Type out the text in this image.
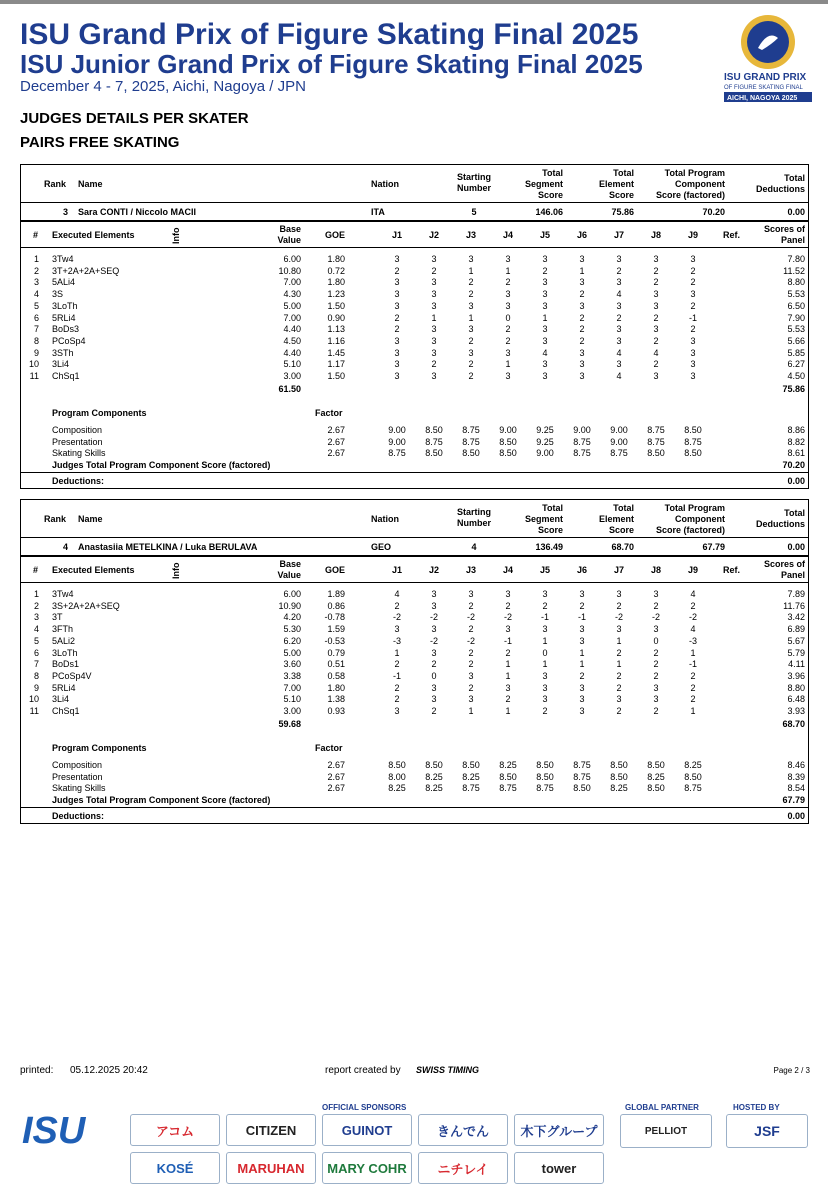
ISU Grand Prix of Figure Skating Final 2025
ISU Junior Grand Prix of Figure Skating Final 2025
December 4 - 7, 2025, Aichi, Nagoya / JPN
ISU GRAND PRIX
OF FIGURE SKATING FINAL
AICHI, NAGOYA 2025
JUDGES DETAILS PER SKATER
PAIRS FREE SKATING
Rank Name	Nation
Starting
Number
Total
Segment
Score
Total
Element
Score
Total Program
Component
Score (factored)
Total
Deductions
3 Sara CONTI / Niccolo MACII	ITA	5	146.06	75.86	70.20	0.00
# Executed Elements	Info	Base
Value	GOE	J1	J2	J3	J4	J5	J6	J7	J8	J9	Ref.
Scores of
Panel
1 3Tw4	6.00	1.80	3	3	3	3	3	3	3	3	3	7.80
2 3T+2A+2A+SEQ	10.80	0.72	2	2	1	1	2	1	2	2	2	11.52
3 5ALi4	7.00	1.80	3	3	2	2	3	3	3	2	2	8.80
4 3S	4.30	1.23	3	3	2	3	3	2	4	3	3	5.53
5 3LoTh	5.00	1.50	3	3	3	3	3	3	3	3	2	6.50
6 5RLi4	7.00	0.90	2	1	1	0	1	2	2	2	-1	7.90
7 BoDs3	4.40	1.13	2	3	3	2	3	2	3	3	2	5.53
8 PCoSp4	4.50	1.16	3	3	2	2	3	2	3	2	3	5.66
9 3STh	4.40	1.45	3	3	3	3	4	3	4	4	3	5.85
10 3Li4	5.10	1.17	3	2	2	1	3	3	3	2	3	6.27
11 ChSq1	3.00	1.50	3	3	2	3	3	3	4	3	3	4.50
61.50	75.86
Program Components	Factor
Composition	2.67	9.00	8.50	8.75	9.00	9.25	9.00	9.00	8.75	8.50	8.86
Presentation	2.67	9.00	8.75	8.75	8.50	9.25	8.75	9.00	8.75	8.75	8.82
Skating Skills	2.67	8.75	8.50	8.50	8.50	9.00	8.75	8.75	8.50	8.50	8.61
Judges Total Program Component Score (factored)	70.20
Deductions:	0.00
Rank Name	Nation
Starting
Number
Total
Segment
Score
Total
Element
Score
Total Program
Component
Score (factored)
Total
Deductions
4 Anastasiia METELKINA / Luka BERULAVA	GEO	4	136.49	68.70	67.79	0.00
# Executed Elements	Info	Base
Value	GOE	J1	J2	J3	J4	J5	J6	J7	J8	J9	Ref.
Scores of
Panel
1 3Tw4	6.00	1.89	4	3	3	3	3	3	3	3	4	7.89
2 3S+2A+2A+SEQ	10.90	0.86	2	3	2	2	2	2	2	2	2	11.76
3 3T	4.20	-0.78	-2	-2	-2	-2	-1	-1	-2	-2	-2	3.42
4 3FTh	5.30	1.59	3	3	2	3	3	3	3	3	4	6.89
5 5ALi2	6.20	-0.53	-3	-2	-2	-1	1	3	1	0	-3	5.67
6 3LoTh	5.00	0.79	1	3	2	2	0	1	2	2	1	5.79
7 BoDs1	3.60	0.51	2	2	2	1	1	1	1	2	-1	4.11
8 PCoSp4V	3.38	0.58	-1	0	3	1	3	2	2	2	2	3.96
9 5RLi4	7.00	1.80	2	3	2	3	3	3	2	3	2	8.80
10 3Li4	5.10	1.38	2	3	3	2	3	3	3	3	2	6.48
11 ChSq1	3.00	0.93	3	2	1	1	2	3	2	2	1	3.93
59.68	68.70
Program Components	Factor
Composition	2.67	8.50	8.50	8.50	8.25	8.50	8.75	8.50	8.50	8.25	8.46
Presentation	2.67	8.00	8.25	8.25	8.50	8.50	8.75	8.50	8.25	8.50	8.39
Skating Skills	2.67	8.25	8.25	8.75	8.75	8.75	8.50	8.25	8.50	8.75	8.54
Judges Total Program Component Score (factored)	67.79
Deductions:	0.00
printed: 05.12.2025 20:42	report created by SWISS TIMING	Page 2 / 3
OFFICIAL SPONSORS	GLOBAL PARTNER	HOSTED BY
ISU	アコム	CITIZEN	GUINOT	きんでん	木下グループ
KOSÉ	MARUHAN	MARY COHR	ニチレイ	tower
PELLIOT	JSF
